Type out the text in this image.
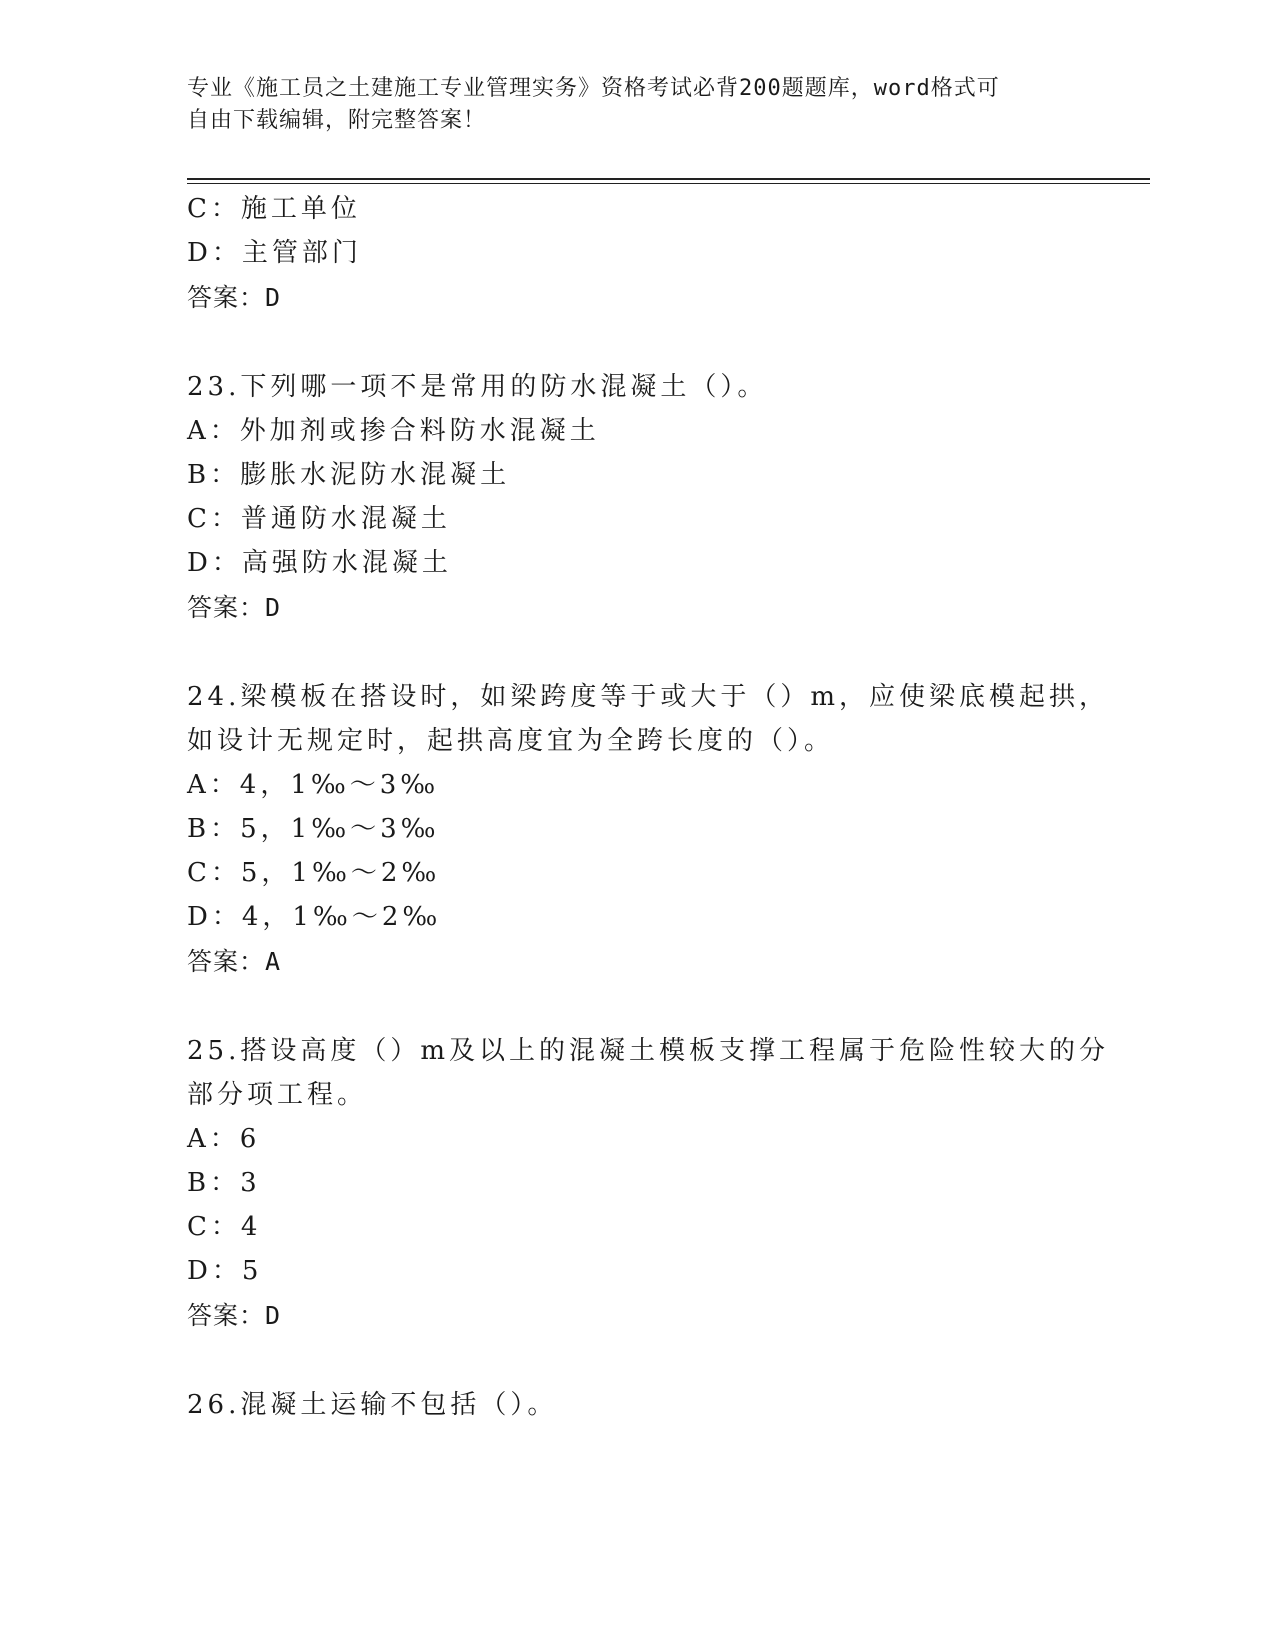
专业《施工员之土建施工专业管理实务》资格考试必背200题题库，word格式可
自由下载编辑，附完整答案！
C：施工单位
D：主管部门
答案：D
23.下列哪一项不是常用的防水混凝土（）。
A：外加剂或掺合料防水混凝土
B：膨胀水泥防水混凝土
C：普通防水混凝土
D：高强防水混凝土
答案：D
24.梁模板在搭设时，如梁跨度等于或大于（）m，应使梁底模起拱，
如设计无规定时，起拱高度宜为全跨长度的（）。
A：4，1‰～3‰
B：5，1‰～3‰
C：5，1‰～2‰
D：4，1‰～2‰
答案：A
25.搭设高度（）m及以上的混凝土模板支撑工程属于危险性较大的分
部分项工程。
A：6
B：3
C：4
D：5
答案：D
26.混凝土运输不包括（）。
